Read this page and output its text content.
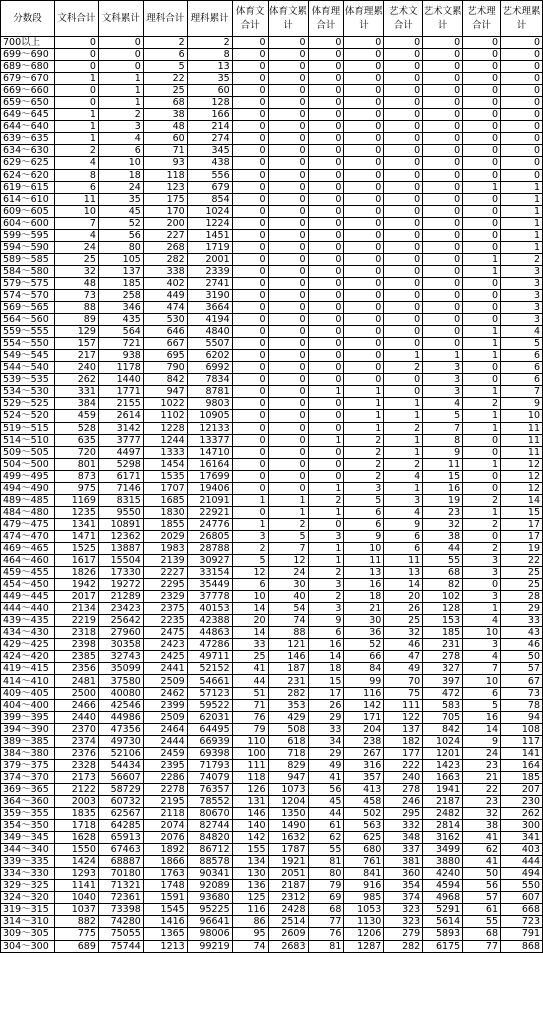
分数段	文科合计	文科累计	理科合计	理科累计	体育文合计	体育文累计	体育理合计	体育理累计	艺术文合计	艺术文累计	艺术理合计	艺术理累计
700以上	0	0	2	2	0	0	0	0	0	0	0	0
699～690	0	0	6	8	0	0	0	0	0	0	0	0
689～680	0	0	5	13	0	0	0	0	0	0	0	0
679～670	1	1	22	35	0	0	0	0	0	0	0	0
669～660	0	1	25	60	0	0	0	0	0	0	0	0
659～650	0	1	68	128	0	0	0	0	0	0	0	0
649～645	1	2	38	166	0	0	0	0	0	0	0	0
644～640	1	3	48	214	0	0	0	0	0	0	0	0
639～635	1	4	60	274	0	0	0	0	0	0	0	0
634～630	2	6	71	345	0	0	0	0	0	0	0	0
629～625	4	10	93	438	0	0	0	0	0	0	0	0
624～620	8	18	118	556	0	0	0	0	0	0	0	0
619～615	6	24	123	679	0	0	0	0	0	0	1	1
614～610	11	35	175	854	0	0	0	0	0	0	0	1
609～605	10	45	170	1024	0	0	0	0	0	0	0	1
604～600	7	52	200	1224	0	0	0	0	0	0	0	1
599～595	4	56	227	1451	0	0	0	0	0	0	0	1
594～590	24	80	268	1719	0	0	0	0	0	0	0	1
589～585	25	105	282	2001	0	0	0	0	0	0	1	2
584～580	32	137	338	2339	0	0	0	0	0	0	1	3
579～575	48	185	402	2741	0	0	0	0	0	0	0	3
574～570	73	258	449	3190	0	0	0	0	0	0	0	3
569～565	88	346	474	3664	0	0	0	0	0	0	0	3
564～560	89	435	530	4194	0	0	0	0	0	0	0	3
559～555	129	564	646	4840	0	0	0	0	0	0	1	4
554～550	157	721	667	5507	0	0	0	0	0	0	1	5
549～545	217	938	695	6202	0	0	0	0	1	1	1	6
544～540	240	1178	790	6992	0	0	0	0	2	3	0	6
539～535	262	1440	842	7834	0	0	0	0	0	3	0	6
534～530	331	1771	947	8781	0	0	1	1	0	3	1	7
529～525	384	2155	1022	9803	0	0	0	1	1	4	2	9
524～520	459	2614	1102	10905	0	0	0	1	1	5	1	10
519～515	528	3142	1228	12133	0	0	0	1	2	7	1	11
514～510	635	3777	1244	13377	0	0	1	2	1	8	0	11
509～505	720	4497	1333	14710	0	0	0	2	1	9	0	11
504～500	801	5298	1454	16164	0	0	0	2	2	11	1	12
499～495	873	6171	1535	17699	0	0	0	2	4	15	0	12
494～490	975	7146	1707	19406	0	0	1	3	1	16	0	12
489～485	1169	8315	1685	21091	1	1	2	5	3	19	2	14
484～480	1235	9550	1830	22921	0	1	1	6	4	23	1	15
479～475	1341	10891	1855	24776	1	2	0	6	9	32	2	17
474～470	1471	12362	2029	26805	3	5	3	9	6	38	0	17
469～465	1525	13887	1983	28788	2	7	1	10	6	44	2	19
464～460	1617	15504	2139	30927	5	12	1	11	11	55	3	22
459～455	1826	17330	2227	33154	12	24	2	13	13	68	3	25
454～450	1942	19272	2295	35449	6	30	3	16	14	82	0	25
449～445	2017	21289	2329	37778	10	40	2	18	20	102	3	28
444～440	2134	23423	2375	40153	14	54	3	21	26	128	1	29
439～435	2219	25642	2235	42388	20	74	9	30	25	153	4	33
434～430	2318	27960	2475	44863	14	88	6	36	32	185	10	43
429～425	2398	30358	2423	47286	33	121	16	52	46	231	3	46
424～420	2385	32743	2425	49711	25	146	14	66	47	278	4	50
419～415	2356	35099	2441	52152	41	187	18	84	49	327	7	57
414～410	2481	37580	2509	54661	44	231	15	99	70	397	10	67
409～405	2500	40080	2462	57123	51	282	17	116	75	472	6	73
404～400	2466	42546	2399	59522	71	353	26	142	111	583	5	78
399～395	2440	44986	2509	62031	76	429	29	171	122	705	16	94
394～390	2370	47356	2464	64495	79	508	33	204	137	842	14	108
389～385	2374	49730	2444	66939	110	618	34	238	182	1024	9	117
384～380	2376	52106	2459	69398	100	718	29	267	177	1201	24	141
379～375	2328	54434	2395	71793	111	829	49	316	222	1423	23	164
374～370	2173	56607	2286	74079	118	947	41	357	240	1663	21	185
369～365	2122	58729	2278	76357	126	1073	56	413	278	1941	22	207
364～360	2003	60732	2195	78552	131	1204	45	458	246	2187	23	230
359～355	1835	62567	2118	80670	146	1350	44	502	295	2482	32	262
354～350	1718	64285	2074	82744	140	1490	61	563	332	2814	38	300
349～345	1628	65913	2076	84820	142	1632	62	625	348	3162	41	341
344～340	1550	67463	1892	86712	155	1787	55	680	337	3499	62	403
339～335	1424	68887	1866	88578	134	1921	81	761	381	3880	41	444
334～330	1293	70180	1763	90341	130	2051	80	841	360	4240	50	494
329～325	1141	71321	1748	92089	136	2187	79	916	354	4594	56	550
324～320	1040	72361	1591	93680	125	2312	69	985	374	4968	57	607
319～315	1037	73398	1545	95225	116	2428	68	1053	323	5291	61	668
314～310	882	74280	1416	96641	86	2514	77	1130	323	5614	55	723
309～305	775	75055	1365	98006	95	2609	76	1206	279	5893	68	791
304～300	689	75744	1213	99219	74	2683	81	1287	282	6175	77	868
